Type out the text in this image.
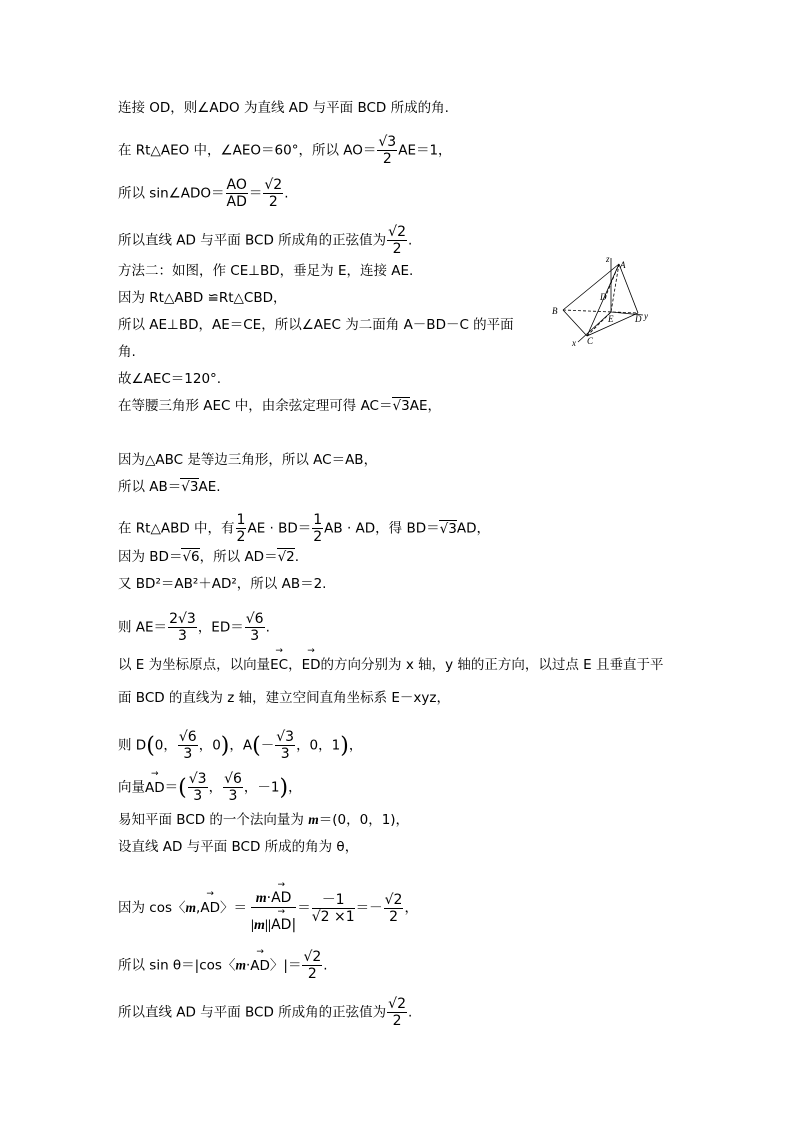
连接 OD，则∠ADO 为直线 AD 与平面 BCD 所成的角.
在 Rt△AEO 中，∠AEO＝60°，所以 $AO= \frac{√3}{2} AE=1$，
所以 sin∠ADO＝ $\frac{AO}{AD} = \frac{√2}{2}$ .
所以直线 AD 与平面 BCD 所成角的正弦值为 $\frac{√2}{2}$ .
方法二：如图，作 CE⊥BD，垂足为 E，连接 AE.
因为 Rt△ABD ≌Rt△CBD，
所以 AE⊥BD，AE＝CE，所以∠AEC 为二面角 A－BD－C 的平面
角.
故∠AEC＝120°.
在等腰三角形 AEC 中，由余弦定理可得 AC＝√3AE，
因为△ABC 是等边三角形，所以 AC＝AB，
所以 AB＝√3AE.
在 Rt△ABD 中，有 $\frac{1}{2}$ AE · $BD= \frac{1}{2}$ AB · AD，得 BD＝√3AD，
因为 BD＝√6，所以 AD＝√2.
又 BD²＝AB²＋AD²，所以 AB＝2.
则 $AE= \frac{2√3}{3}$ ，$ED= \frac{√6}{3}$ .
以 E 为坐标原点，以向量→ EC，→ ED的方向分别为 x 轴，y 轴的正方向，以过点 E 且垂直于平
面 BCD 的直线为 z 轴，建立空间直角坐标系 E－xyz，
则 D(0， $\frac{√6}{3}$ ，0)，$A(- \frac{√3}{3}$ ，0，1)，
向量→ $AD=( \frac{√3}{3}$ ， $\frac{√6}{3}$ ，－1)，
易知平面 BCD 的一个法向量为 m＝(0，0，1)，
设直线 AD 与平面 BCD 所成的角为 θ，
因为 cos〈m,→ AD〉＝ $\frac{m\cdot\to AD}{|m||\to AD|} = \frac{-1}{√2 \times 1} =- \frac{√2}{2}$ ，
所以 sin θ＝|cos〈m·→ AD〉|＝ $\frac{√2}{2}$ .
所以直线 AD 与平面 BCD 所成角的正弦值为 $\frac{√2}{2}$ .
z
A
B
D
E D y
x C
